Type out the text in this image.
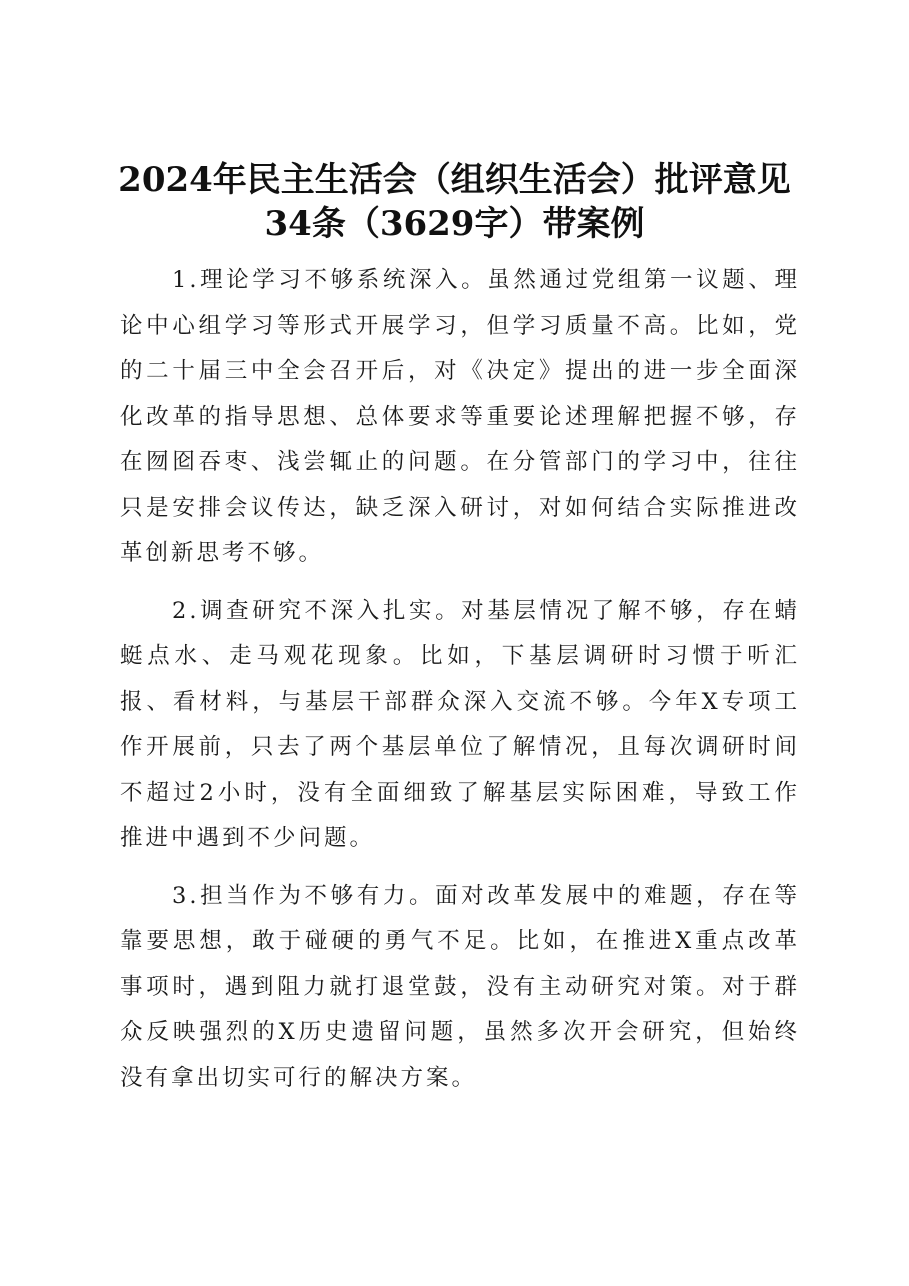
2024年民主生活会（组织生活会）批评意见
34条（3629字）带案例

1.理论学习不够系统深入。虽然通过党组第一议题、理论中心组学习等形式开展学习，但学习质量不高。比如，党的二十届三中全会召开后，对《决定》提出的进一步全面深化改革的指导思想、总体要求等重要论述理解把握不够，存在囫囵吞枣、浅尝辄止的问题。在分管部门的学习中，往往只是安排会议传达，缺乏深入研讨，对如何结合实际推进改革创新思考不够。

2.调查研究不深入扎实。对基层情况了解不够，存在蜻蜓点水、走马观花现象。比如，下基层调研时习惯于听汇报、看材料，与基层干部群众深入交流不够。今年X专项工作开展前，只去了两个基层单位了解情况，且每次调研时间不超过2小时，没有全面细致了解基层实际困难，导致工作推进中遇到不少问题。

3.担当作为不够有力。面对改革发展中的难题，存在等靠要思想，敢于碰硬的勇气不足。比如，在推进X重点改革事项时，遇到阻力就打退堂鼓，没有主动研究对策。对于群众反映强烈的X历史遗留问题，虽然多次开会研究，但始终没有拿出切实可行的解决方案。
